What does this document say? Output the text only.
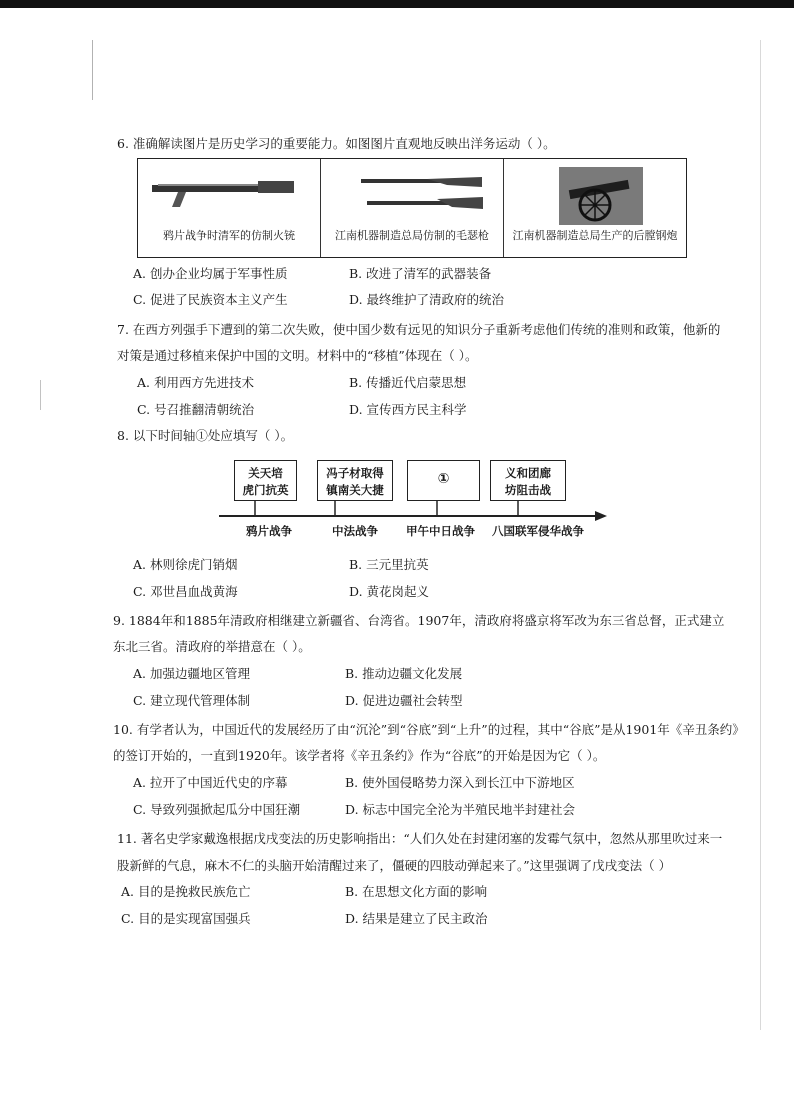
6. 准确解读图片是历史学习的重要能力。如图图片直观地反映出洋务运动（ ）。
鸦片战争时清军的仿制火铳	江南机器制造总局仿制的毛瑟枪	江南机器制造总局生产的后膛钢炮
A. 创办企业均属于军事性质	B. 改进了清军的武器装备
C. 促进了民族资本主义产生	D. 最终维护了清政府的统治
7. 在西方列强手下遭到的第二次失败，使中国少数有远见的知识分子重新考虑他们传统的准则和政策，他新的
对策是通过移植来保护中国的文明。材料中的“移植”体现在（ ）。
A. 利用西方先进技术	B. 传播近代启蒙思想
C. 号召推翻清朝统治	D. 宣传西方民主科学
8. 以下时间轴①处应填写（ ）。
关天培
虎门抗英
冯子材取得
镇南关大捷
①	义和团廊
坊阻击战
鸦片战争	中法战争 甲午中日战争 八国联军侵华战争
A. 林则徐虎门销烟	B. 三元里抗英
C. 邓世昌血战黄海	D. 黄花岗起义
9. 1884年和1885年清政府相继建立新疆省、台湾省。1907年，清政府将盛京将军改为东三省总督，正式建立
东北三省。清政府的举措意在（ ）。
A. 加强边疆地区管理	B. 推动边疆文化发展
C. 建立现代管理体制	D. 促进边疆社会转型
10. 有学者认为，中国近代的发展经历了由“沉沦”到“谷底”到“上升”的过程，其中“谷底”是从1901年《辛丑条约》
的签订开始的，一直到1920年。该学者将《辛丑条约》作为“谷底”的开始是因为它（ ）。
A. 拉开了中国近代史的序幕	B. 使外国侵略势力深入到长江中下游地区
C. 导致列强掀起瓜分中国狂潮	D. 标志中国完全沦为半殖民地半封建社会
11. 著名史学家戴逸根据戊戌变法的历史影响指出：“人们久处在封建闭塞的发霉气氛中，忽然从那里吹过来一
股新鲜的气息，麻木不仁的头脑开始清醒过来了，僵硬的四肢动弹起来了。”这里强调了戊戌变法（ ）
A. 目的是挽救民族危亡	B. 在思想文化方面的影响
C. 目的是实现富国强兵	D. 结果是建立了民主政治
